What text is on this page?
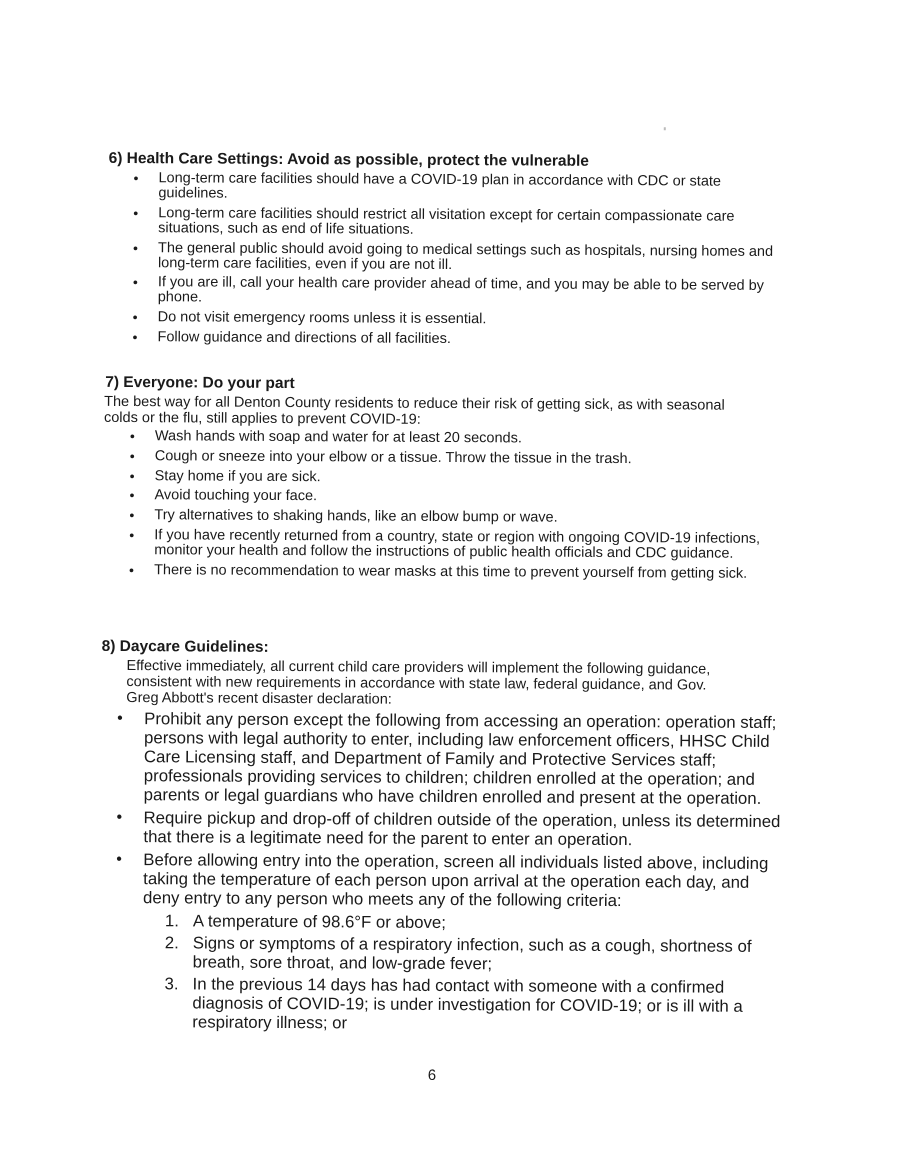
6) Health Care Settings: Avoid as possible, protect the vulnerable

• Long-term care facilities should have a COVID-19 plan in accordance with CDC or state guidelines.
• Long-term care facilities should restrict all visitation except for certain compassionate care situations, such as end of life situations.
• The general public should avoid going to medical settings such as hospitals, nursing homes and long-term care facilities, even if you are not ill.
• If you are ill, call your health care provider ahead of time, and you may be able to be served by phone.
• Do not visit emergency rooms unless it is essential.
• Follow guidance and directions of all facilities.

7) Everyone: Do your part

The best way for all Denton County residents to reduce their risk of getting sick, as with seasonal colds or the flu, still applies to prevent COVID-19:

• Wash hands with soap and water for at least 20 seconds.
• Cough or sneeze into your elbow or a tissue. Throw the tissue in the trash.
• Stay home if you are sick.
• Avoid touching your face.
• Try alternatives to shaking hands, like an elbow bump or wave.
• If you have recently returned from a country, state or region with ongoing COVID-19 infections, monitor your health and follow the instructions of public health officials and CDC guidance.
• There is no recommendation to wear masks at this time to prevent yourself from getting sick.

8) Daycare Guidelines:

Effective immediately, all current child care providers will implement the following guidance, consistent with new requirements in accordance with state law, federal guidance, and Gov. Greg Abbott's recent disaster declaration:

• Prohibit any person except the following from accessing an operation: operation staff; persons with legal authority to enter, including law enforcement officers, HHSC Child Care Licensing staff, and Department of Family and Protective Services staff; professionals providing services to children; children enrolled at the operation; and parents or legal guardians who have children enrolled and present at the operation.
• Require pickup and drop-off of children outside of the operation, unless its determined that there is a legitimate need for the parent to enter an operation.
• Before allowing entry into the operation, screen all individuals listed above, including taking the temperature of each person upon arrival at the operation each day, and deny entry to any person who meets any of the following criteria:
1. A temperature of 98.6°F or above;
2. Signs or symptoms of a respiratory infection, such as a cough, shortness of breath, sore throat, and low-grade fever;
3. In the previous 14 days has had contact with someone with a confirmed diagnosis of COVID-19; is under investigation for COVID-19; or is ill with a respiratory illness; or
6
